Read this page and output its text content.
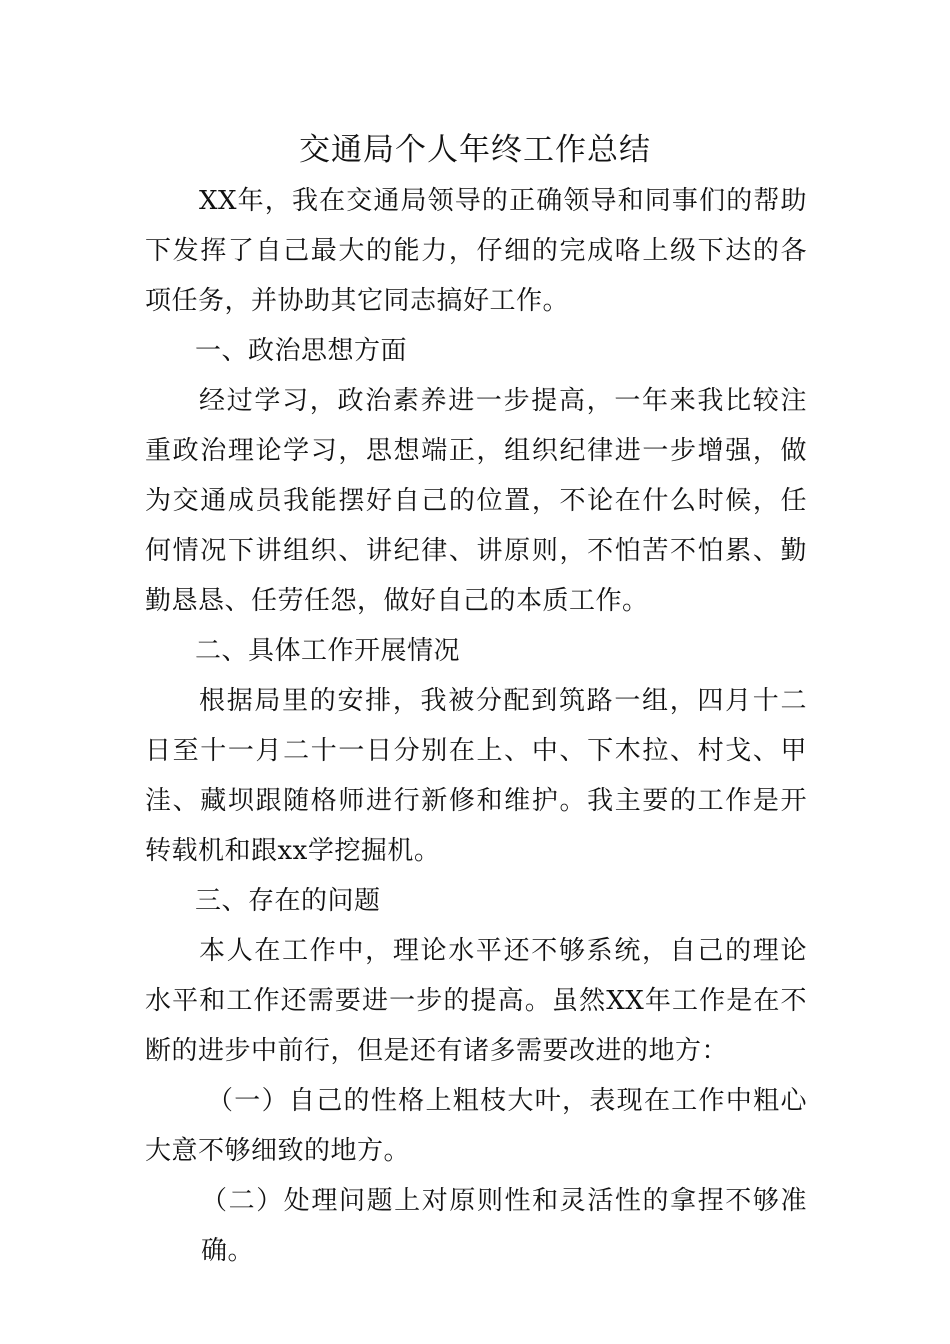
交通局个人年终工作总结

XX年，我在交通局领导的正确领导和同事们的帮助下发挥了自己最大的能力，仔细的完成咯上级下达的各项任务，并协助其它同志搞好工作。

一、政治思想方面

经过学习，政治素养进一步提高，一年来我比较注重政治理论学习，思想端正，组织纪律进一步增强，做为交通成员我能摆好自己的位置，不论在什么时候，任何情况下讲组织、讲纪律、讲原则，不怕苦不怕累、勤勤恳恳、任劳任怨，做好自己的本质工作。

二、具体工作开展情况

根据局里的安排，我被分配到筑路一组，四月十二日至十一月二十一日分别在上、中、下木拉、村戈、甲洼、藏坝跟随格师进行新修和维护。我主要的工作是开转载机和跟xx学挖掘机。

三、存在的问题

本人在工作中，理论水平还不够系统，自己的理论水平和工作还需要进一步的提高。虽然XX年工作是在不断的进步中前行，但是还有诸多需要改进的地方：

（一）自己的性格上粗枝大叶，表现在工作中粗心大意不够细致的地方。

（二）处理问题上对原则性和灵活性的拿捏不够准确。
